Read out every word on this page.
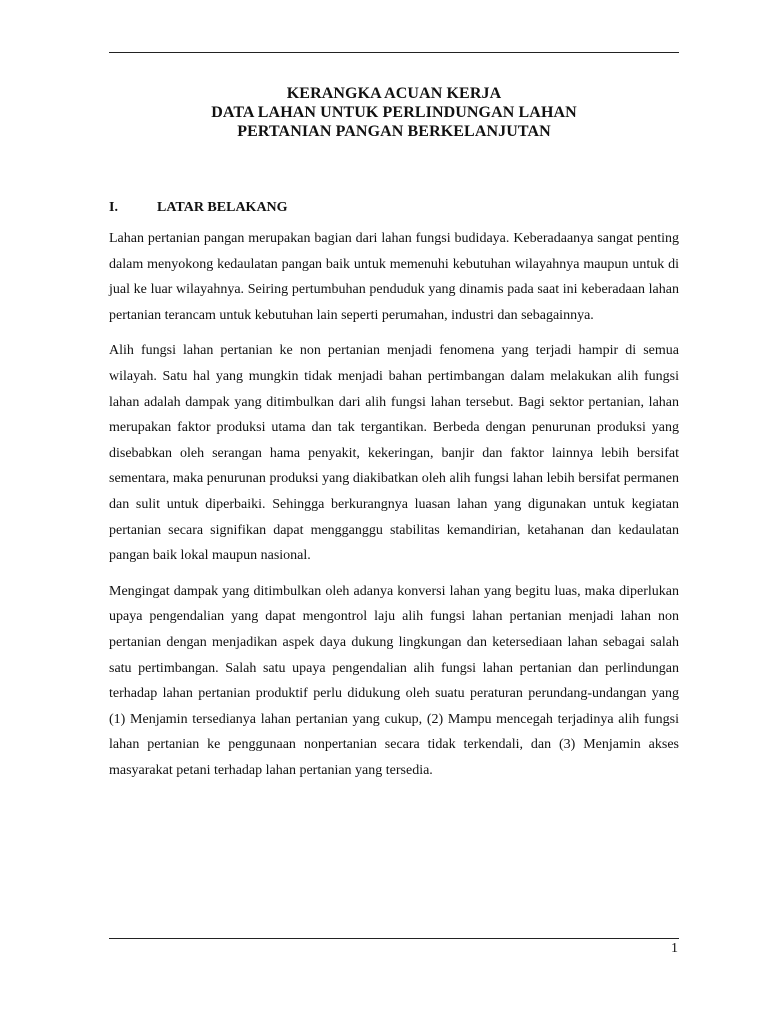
KERANGKA ACUAN KERJA
DATA LAHAN UNTUK PERLINDUNGAN LAHAN
PERTANIAN PANGAN BERKELANJUTAN
I.	LATAR BELAKANG

Lahan pertanian pangan merupakan bagian dari lahan fungsi budidaya. Keberadaanya sangat penting dalam menyokong kedaulatan pangan baik untuk memenuhi kebutuhan wilayahnya maupun untuk di jual ke luar wilayahnya. Seiring pertumbuhan penduduk yang dinamis pada saat ini keberadaan lahan pertanian terancam untuk kebutuhan lain seperti perumahan, industri dan sebagainnya.

Alih fungsi lahan pertanian ke non pertanian menjadi fenomena yang terjadi hampir di semua wilayah. Satu hal yang mungkin tidak menjadi bahan pertimbangan dalam melakukan alih fungsi lahan adalah dampak yang ditimbulkan dari alih fungsi lahan tersebut. Bagi sektor pertanian, lahan merupakan faktor produksi utama dan tak tergantikan. Berbeda dengan penurunan produksi yang disebabkan oleh serangan hama penyakit, kekeringan, banjir dan faktor lainnya lebih bersifat sementara, maka penurunan produksi yang diakibatkan oleh alih fungsi lahan lebih bersifat permanen dan sulit untuk diperbaiki. Sehingga berkurangnya luasan lahan yang digunakan untuk kegiatan pertanian secara signifikan dapat mengganggu stabilitas kemandirian, ketahanan dan kedaulatan pangan baik lokal maupun nasional.

Mengingat dampak yang ditimbulkan oleh adanya konversi lahan yang begitu luas, maka diperlukan upaya pengendalian yang dapat mengontrol laju alih fungsi lahan pertanian menjadi lahan non pertanian dengan menjadikan aspek daya dukung lingkungan dan ketersediaan lahan sebagai salah satu pertimbangan. Salah satu upaya pengendalian alih fungsi lahan pertanian dan perlindungan terhadap lahan pertanian produktif perlu didukung oleh suatu peraturan perundang-undangan yang (1) Menjamin tersedianya lahan pertanian yang cukup, (2) Mampu mencegah terjadinya alih fungsi lahan pertanian ke penggunaan nonpertanian secara tidak terkendali, dan (3) Menjamin akses masyarakat petani terhadap lahan pertanian yang tersedia.

1
